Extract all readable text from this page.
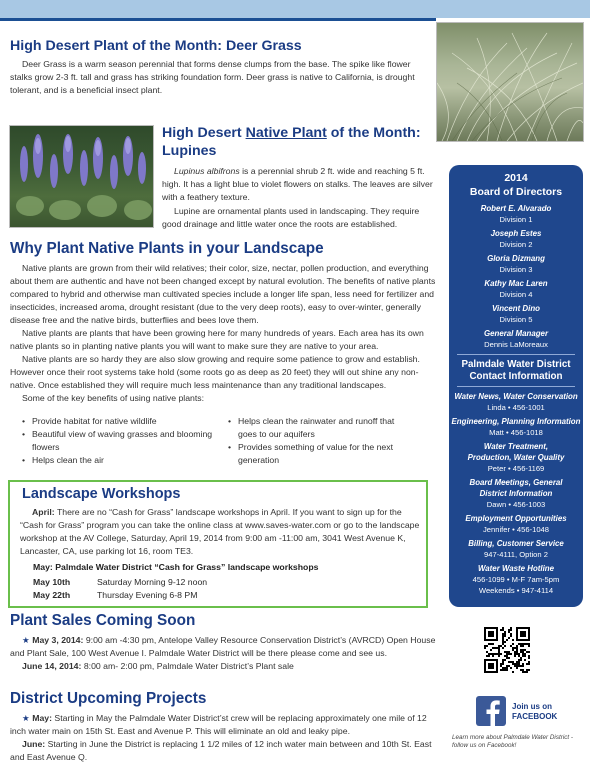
High Desert Plant of the Month: Deer Grass

Deer Grass is a warm season perennial that forms dense clumps from the base. The spike like flower stalks grow 2-3 ft. tall and grass has striking foundation form. Deer grass is native to California, is drought tolerant, and is a beneficial insect plant.

High Desert Native Plant of the Month:
Lupines

Lupinus albifrons is a perennial shrub 2 ft. wide and reaching 5 ft. high. It has a light blue to violet flowers on stalks. The leaves are silver with a feathery texture.

Lupine are ornamental plants used in landscaping. They require good drainage and little water once the roots are established.

Why Plant Native Plants in your Landscape

Native plants are grown from their wild relatives; their color, size, nectar, pollen production, and everything about them are authentic and have not been changed except by natural evolution. The benefits of native plants compared to hybrid and otherwise man cultivated species include a longer life span, less need for fertilizer and insecticides, increased aroma, drought resistant (due to the very deep roots), easy to over-winter, generally disease free and the native birds, butterflies and bees love them.

Native plants are plants that have been growing here for many hundreds of years. Each area has its own native plants so in planting native plants you will want to make sure they are native to your area.

Native plants are so hardy they are also slow growing and require some patience to grow and establish. However once their root systems take hold (some roots go as deep as 20 feet) they will out shine any non-native. Once established they will require much less maintenance than any traditional landscapes.

Some of the key benefits of using native plants:

• Provide habitat for native wildlife

• Beautiful view of waving grasses and blooming flowers

• Helps clean the air

• Helps clean the rainwater and runoff that goes to our aquifers

• Provides something of value for the next generation

Landscape Workshops

April: There are no “Cash for Grass” landscape workshops in April. If you want to sign up for the “Cash for Grass” program you can take the online class at www.saves-water.com or go to the landscape workshop at the AV College, Saturday, April 19, 2014 from 9:00 am -11:00 am, 3041 West Avenue K, Lancaster, CA, use parking lot 16, room TE3.

May: Palmdale Water District “Cash for Grass” landscape workshops
May 10th	Saturday Morning 9-12 noon
May 22th	Thursday Evening 6-8 PM
Plant Sales Coming Soon

★ May 3, 2014: 9:00 am -4:30 pm, Antelope Valley Resource Conservation District’s (AVRCD) Open House and Plant Sale, 100 West Avenue I. Palmdale Water District will be there please come and see us.

June 14, 2014: 8:00 am- 2:00 pm, Palmdale Water District’s Plant sale

District Upcoming Projects

★ May: Starting in May the Palmdale Water District’st crew will be replacing approximately one mile of 12 inch water main on 15th St. East and Avenue P. This will eliminate an old and leaky pipe.

June: Starting in June the District is replacing 1 1/2 miles of 12 inch water main between and 10th St. East and East Avenue Q.

2014
Board of Directors
Robert E. Alvarado
Division 1
Joseph Estes
Division 2
Gloria Dizmang
Division 3
Kathy Mac Laren
Division 4
Vincent Dino
Division 5
General Manager
Dennis LaMoreaux
Palmdale Water District
Contact Information
Water News, Water Conservation
Linda • 456-1001
Engineering, Planning Information
Matt • 456-1018
Water Treatment, Production, Water Quality
Peter • 456-1169
Board Meetings, General District Information
Dawn • 456-1003
Employment Opportunities
Jennifer • 456-1048
Billing, Customer Service
947-4111, Option 2
Water Waste Hotline
456-1099 • M-F 7am-5pm
Weekends • 947-4114
Join us on
FACEBOOK
Learn more about Palmdale Water District - follow us on Facebook!
